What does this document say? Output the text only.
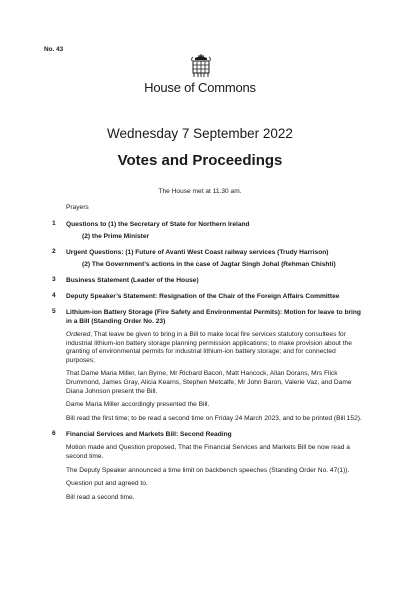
No. 43
House of Commons
Wednesday 7 September 2022
Votes and Proceedings
The House met at 11.30 am.
Prayers
1 Questions to (1) the Secretary of State for Northern Ireland
(2) the Prime Minister
2 Urgent Questions: (1) Future of Avanti West Coast railway services (Trudy Harrison)
(2) The Government’s actions in the case of Jagtar Singh Johal (Rehman Chishti)
3 Business Statement (Leader of the House)
4 Deputy Speaker’s Statement: Resignation of the Chair of the Foreign Affairs Committee
5 Lithium-ion Battery Storage (Fire Safety and Environmental Permits): Motion for leave to bring in a Bill (Standing Order No. 23)
Ordered, That leave be given to bring in a Bill to make local fire services statutory consultees for industrial lithium-ion battery storage planning permission applications; to make provision about the granting of environmental permits for industrial lithium-ion battery storage; and for connected purposes;
That Dame Maria Miller, Ian Byrne, Mr Richard Bacon, Matt Hancock, Allan Dorans, Mrs Flick Drummond, James Gray, Alicia Kearns, Stephen Metcalfe, Mr John Baron, Valerie Vaz, and Dame Diana Johnson present the Bill.
Dame Maria Miller accordingly presented the Bill.
Bill read the first time; to be read a second time on Friday 24 March 2023, and to be printed (Bill 152).
6 Financial Services and Markets Bill: Second Reading
Motion made and Question proposed, That the Financial Services and Markets Bill be now read a second time.
The Deputy Speaker announced a time limit on backbench speeches (Standing Order No. 47(1)).
Question put and agreed to.
Bill read a second time.
